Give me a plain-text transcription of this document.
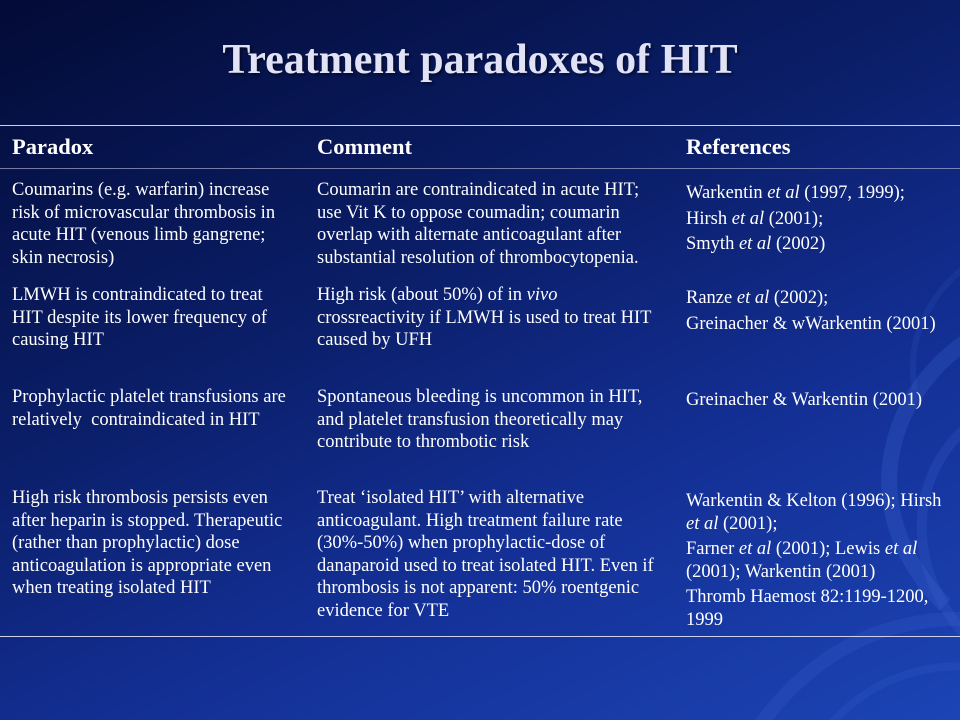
Treatment paradoxes of HIT
Paradox	Comment	References
Coumarins (e.g. warfarin) increase risk of microvascular thrombosis in acute HIT (venous limb gangrene; skin necrosis)
Coumarin are contraindicated in acute HIT; use Vit K to oppose coumadin; coumarin overlap with alternate anticoagulant after substantial resolution of thrombocytopenia.

Warkentin et al (1997, 1999);

Hirsh et al (2001);

Smyth et al (2002)

LMWH is contraindicated to treat HIT despite its lower frequency of causing HIT
High risk (about 50%) of in vivo crossreactivity if LMWH is used to treat HIT caused by UFH

Ranze et al (2002);

Greinacher & wWarkentin (2001)

Prophylactic platelet transfusions are relatively  contraindicated in HIT
Spontaneous bleeding is uncommon in HIT, and platelet transfusion theoretically may contribute to thrombotic risk

Greinacher & Warkentin (2001)

High risk thrombosis persists even after heparin is stopped. Therapeutic (rather than prophylactic) dose anticoagulation is appropriate even when treating isolated HIT
Treat ‘isolated HIT’ with alternative anticoagulant. High treatment failure rate (30%-50%) when prophylactic-dose of danaparoid used to treat isolated HIT. Even if thrombosis is not apparent: 50% roentgenic evidence for VTE

Warkentin & Kelton (1996); Hirsh et al (2001);

Farner et al (2001); Lewis et al (2001); Warkentin (2001)

Thromb Haemost 82:1199-1200, 1999
